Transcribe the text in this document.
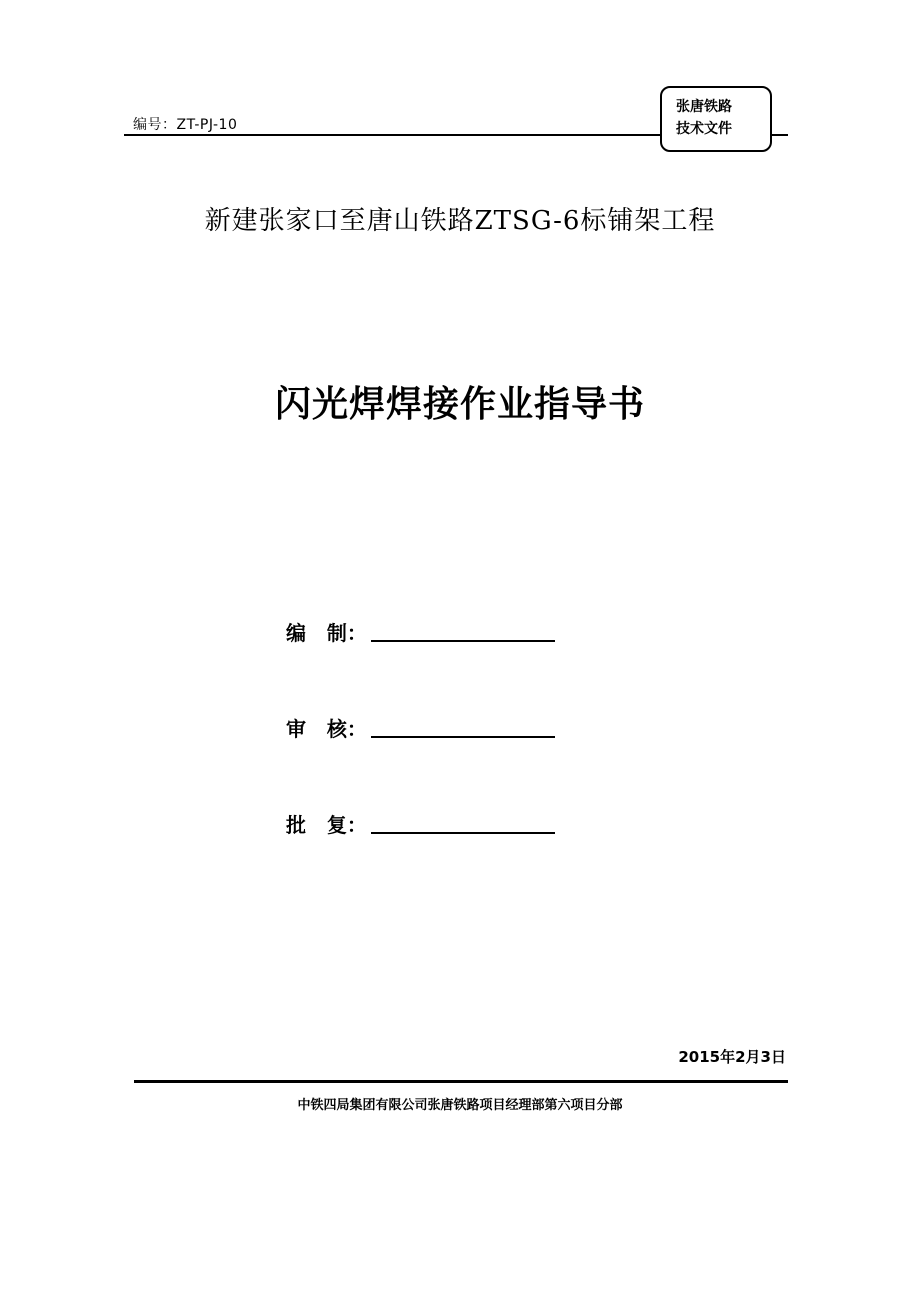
编号：ZT-PJ-10
张唐铁路
技术文件
新建张家口至唐山铁路ZTSG-6标铺架工程
闪光焊焊接作业指导书
编   制：
审   核：
批   复：
2015年2月3日
中铁四局集团有限公司张唐铁路项目经理部第六项目分部
